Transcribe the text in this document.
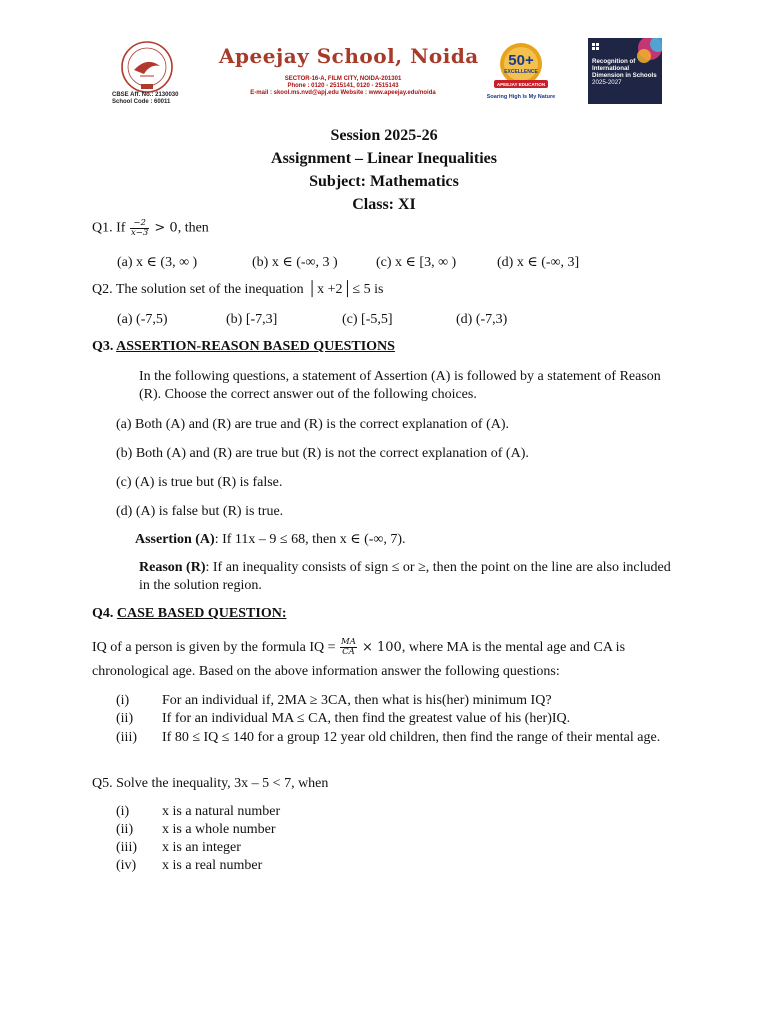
CBSE Aff. No.: 2130030
School Code : 60011
Apeejay School, Noida
SECTOR-16-A, FILM CITY, NOIDA-201301
Phone : 0120 - 2515141, 0120 - 2515143
E-mail : skool.ms.nvd@apj.edu Website : www.apeejay.edu/noida
50+
EXCELLENCE
APEEJAY EDUCATION
Soaring High Is My Nature
Recognition of International Dimension in Schools
2025-2027
Session 2025-26
Assignment – Linear Inequalities
Subject: Mathematics
Class: XI
Q1. If $\frac{-2}{x-3} > 0$, then
(a) x ∈ (3, ∞ )	(b) x ∈ (-∞, 3 )	(c) x ∈ [3, ∞ )	(d) x ∈ (-∞, 3]
Q2. The solution set of the inequation │x +2│≤ 5 is
(a) (-7,5)	(b) [-7,3]	(c) [-5,5]	(d) (-7,3)
Q3. ASSERTION-REASON BASED QUESTIONS
In the following questions, a statement of Assertion (A) is followed by a statement of Reason (R). Choose the correct answer out of the following choices.
(a) Both (A) and (R) are true and (R) is the correct explanation of (A).
(b) Both (A) and (R) are true but (R) is not the correct explanation of (A).
(c) (A) is true but (R) is false.
(d) (A) is false but (R) is true.
Assertion (A): If 11x – 9 ≤ 68, then x ∈ (-∞, 7).
Reason (R): If an inequality consists of sign ≤ or ≥, then the point on the line are also included in the solution region.
Q4. CASE BASED QUESTION:
IQ of a person is given by the formula IQ = $\frac{MA}{CA} \times 100$, where MA is the mental age and CA is chronological age. Based on the above information answer the following questions:
(i) For an individual if, 2MA ≥ 3CA, then what is his(her) minimum IQ?
(ii) If for an individual MA ≤ CA, then find the greatest value of his (her)IQ.
(iii) If 80 ≤ IQ ≤ 140 for a group 12 year old children, then find the range of their mental age.
Q5. Solve the inequality, 3x – 5 < 7, when
(i) x is a natural number
(ii) x is a whole number
(iii) x is an integer
(iv) x is a real number
